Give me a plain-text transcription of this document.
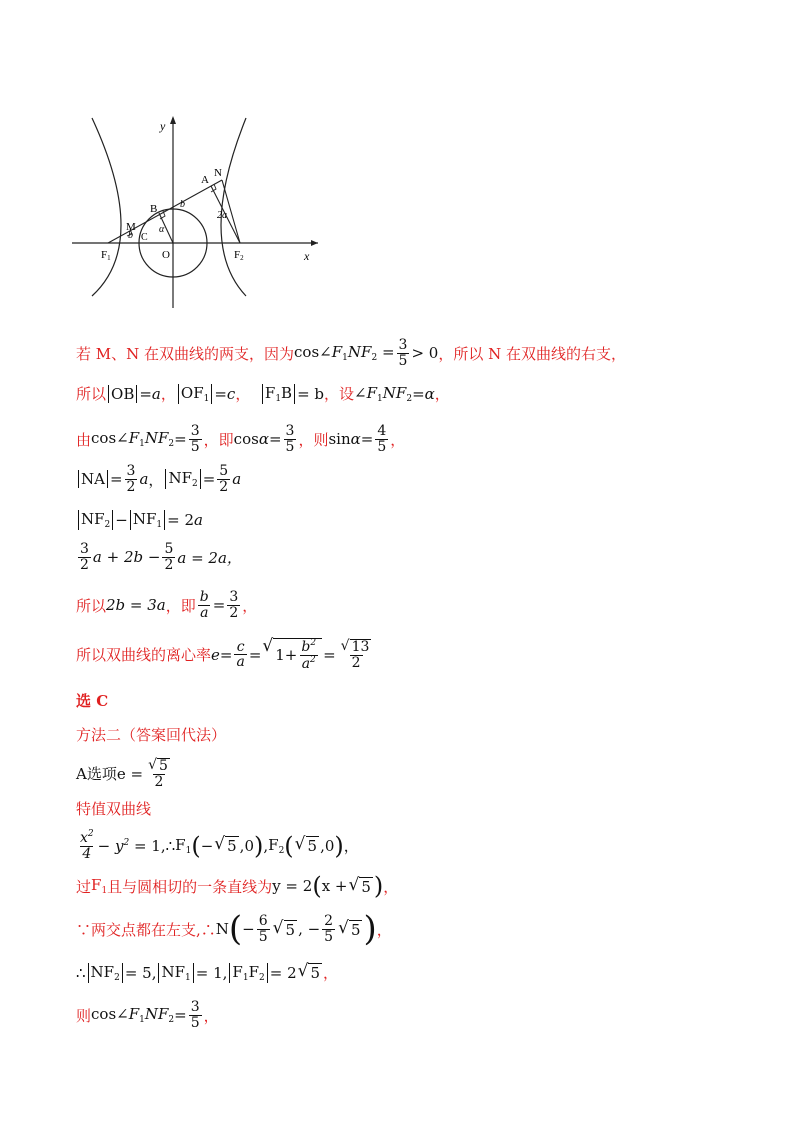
y
x
O
F1	F2
N
A
B
M
C
b
b
α
2a
若 M、N 在双曲线的两支，因为 $\cos\angle F_1NF_2 = \frac{3}{5} > 0$ ，所以 N 在双曲线的右支，
所以 OB = a ， $OF_1 = c$ ，
$F_1B = b$ ，设 $\angle F_1NF_2 = \alpha$ ，
由 $\cos\angle F_1NF_2 = \frac{3}{5}$ ，即 $\cos \alpha = \frac{3}{5}$ ，则 $\sin \alpha = \frac{4}{5}$ ，
NA = $\frac{3}{2}$ a ， $NF_2 = \frac{5}{2}$ a
$NF_2 - NF_1 = 2$ a
$\frac{3}{2}$ $a + 2b - \frac{5}{2}$ a = 2a，
所以 2b = 3a ，即 $\frac{b}{a} = \frac{3}{2}$ ，
所以双曲线的离心率 $e = \frac{c}{a}$ = √ $1+ \frac{b^2}{a^2} = \frac{√ 13}{2}$
选 C
方法二（答案回代法）
A选项 $e = \frac{√ 5}{2}$
特值双曲线
$\frac{x^2}{4} - y^2$
= 1,∴ $F_1$ ( − √ 5 ,0 ) , $F_2$ ( √ 5 ,0 ) ，
过 $F_1$ 且与圆相切的一条直线为 y = 2 ( x + √ 5 ) ，
∵两交点都在左支,∴ N ( − $\frac{6}{5}$ √ 5 , − $\frac{2}{5}$ √ 5 ) ，
∴ $NF_2 = 5$, $NF_1 = 1$, $F_1F_2 = 2$ √ 5 ，
则 $\cos\angle F_1NF_2 = \frac{3}{5}$ ，
